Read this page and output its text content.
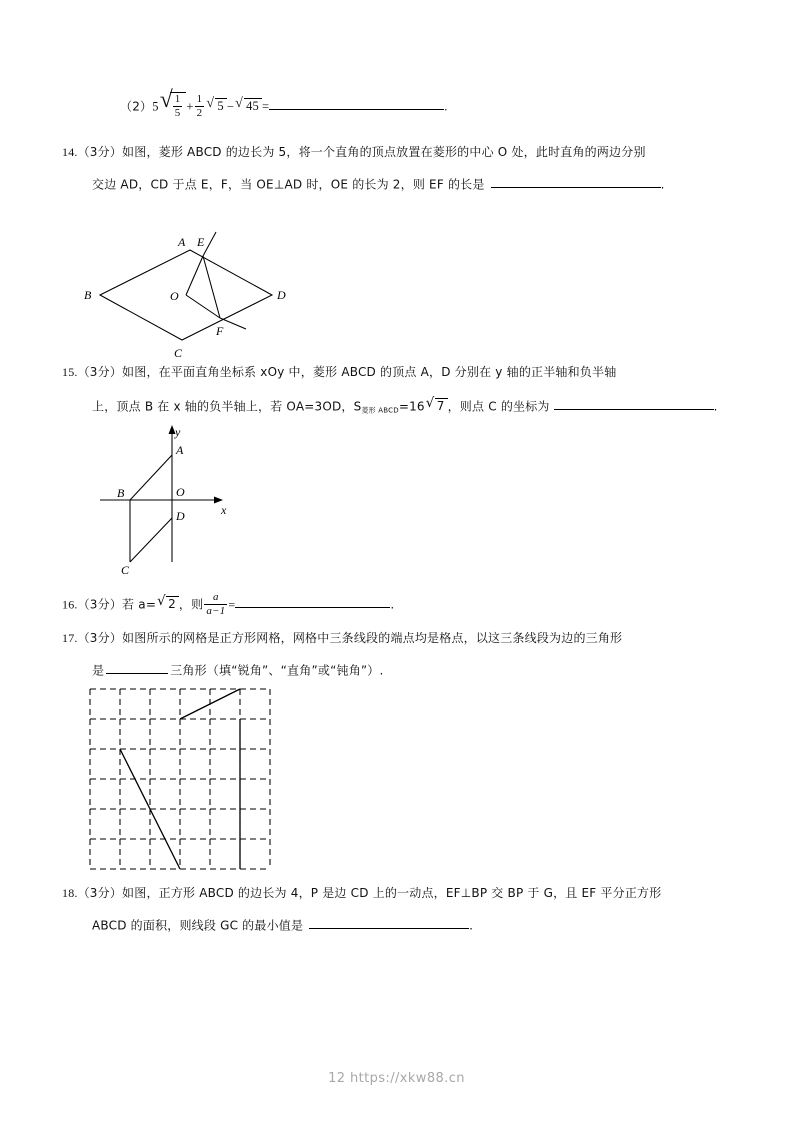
（2）5 √ $\frac{1}{5} + \frac{1}{2}$ √ 5 − √ 45 =	.
14.（3分）如图，菱形 ABCD 的边长为 5，将一个直角的顶点放置在菱形的中心 O 处，此时直角的两边分别
交边 AD，CD 于点 E，F，当 OE⊥AD 时，OE 的长为 2，则 EF 的长是	.
A E
B	O	D
F
C
15.（3分）如图，在平面直角坐标系 xOy 中，菱形 ABCD 的顶点 A，D 分别在 y 轴的正半轴和负半轴
上，顶点 B 在 x 轴的负半轴上，若 OA=3OD，$S_{菱形 ABCD}=16$ √ 7 ，则点 C 的坐标为	.
y
A
B	O
x
D
C
16.（3分）若 a= √ 2 ，则 $\frac{a}{a-1}$ =	.
17.（3分）如图所示的网格是正方形网格，网格中三条线段的端点均是格点，以这三条线段为边的三角形
是	三角形（填“锐角”、“直角”或“钝角”）.
18.（3分）如图，正方形 ABCD 的边长为 4，P 是边 CD 上的一动点，EF⊥BP 交 BP 于 G，且 EF 平分正方形
ABCD 的面积，则线段 GC 的最小值是	.
12 https://xkw88.cn
